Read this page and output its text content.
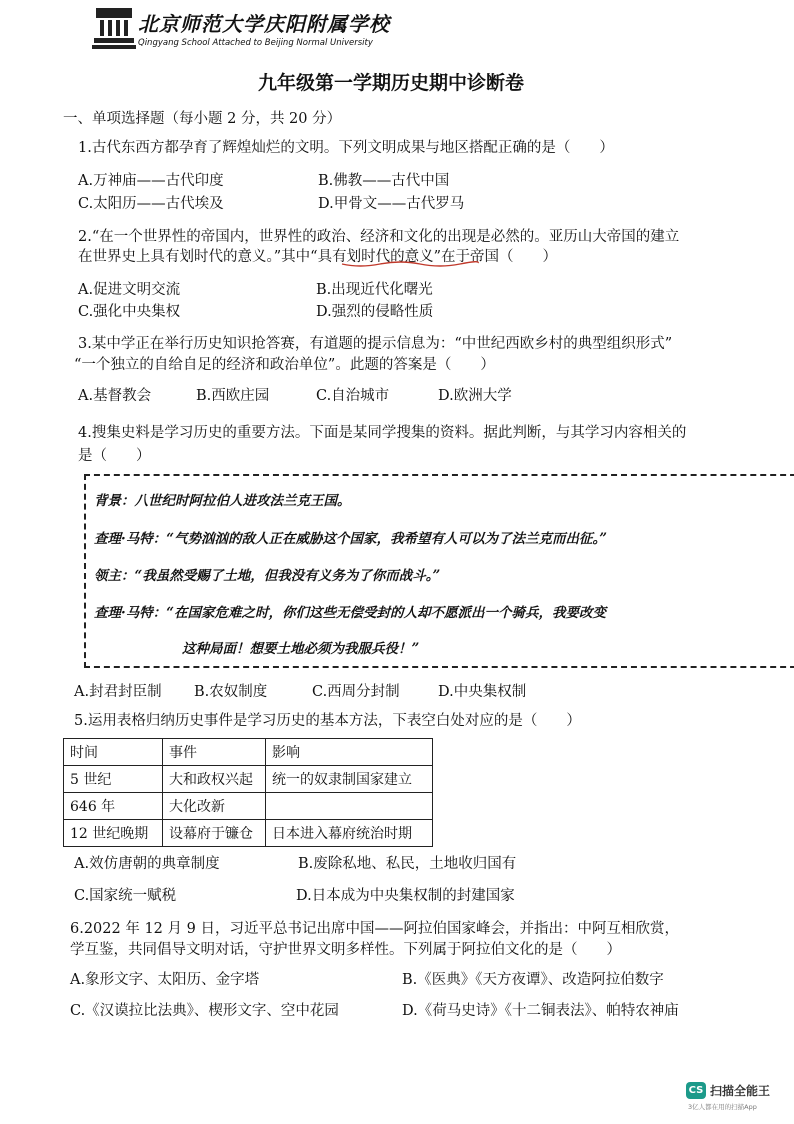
北京师范大学庆阳附属学校
Qingyang School Attached to Beijing Normal University
九年级第一学期历史期中诊断卷
一、单项选择题（每小题 2 分，共 20 分）
1.古代东西方都孕育了辉煌灿烂的文明。下列文明成果与地区搭配正确的是（　　）
A.万神庙——古代印度	B.佛教——古代中国
C.太阳历——古代埃及	D.甲骨文——古代罗马
2.“在一个世界性的帝国内，世界性的政治、经济和文化的出现是必然的。亚历山大帝国的建立
在世界史上具有划时代的意义。”其中“具有划时代的意义”在于帝国（　　）
A.促进文明交流	B.出现近代化曙光
C.强化中央集权	D.强烈的侵略性质
3.某中学正在举行历史知识抢答赛，有道题的提示信息为：“中世纪西欧乡村的典型组织形式”
“一个独立的自给自足的经济和政治单位”。此题的答案是（　　）
A.基督教会	B.西欧庄园	C.自治城市	D.欧洲大学
4.搜集史料是学习历史的重要方法。下面是某同学搜集的资料。据此判断，与其学习内容相关的
是（　　）
背景：八世纪时阿拉伯人进攻法兰克王国。
查理·马特：“气势汹汹的敌人正在威胁这个国家，我希望有人可以为了法兰克而出征。”
领主：“我虽然受赐了土地，但我没有义务为了你而战斗。”
查理·马特：“在国家危难之时，你们这些无偿受封的人却不愿派出一个骑兵，我要改变
这种局面！想要土地必须为我服兵役！”
A.封君封臣制 B.农奴制度	C.西周分封制	D.中央集权制
5.运用表格归纳历史事件是学习历史的基本方法，下表空白处对应的是（　　）
时间	事件	影响
5 世纪	大和政权兴起	统一的奴隶制国家建立
646 年	大化改新	
12 世纪晚期	设幕府于镰仓	日本进入幕府统治时期
A.效仿唐朝的典章制度	B.废除私地、私民，土地收归国有
C.国家统一赋税	D.日本成为中央集权制的封建国家
6.2022 年 12 月 9 日，习近平总书记出席中国——阿拉伯国家峰会，并指出：中阿互相欣赏，
学互鉴，共同倡导文明对话，守护世界文明多样性。下列属于阿拉伯文化的是（　　）
A.象形文字、太阳历、金字塔	B.《医典》《天方夜谭》、改造阿拉伯数字
C.《汉谟拉比法典》、楔形文字、空中花园	D.《荷马史诗》《十二铜表法》、帕特农神庙
CS 扫描全能王
3亿人都在用的扫描App
